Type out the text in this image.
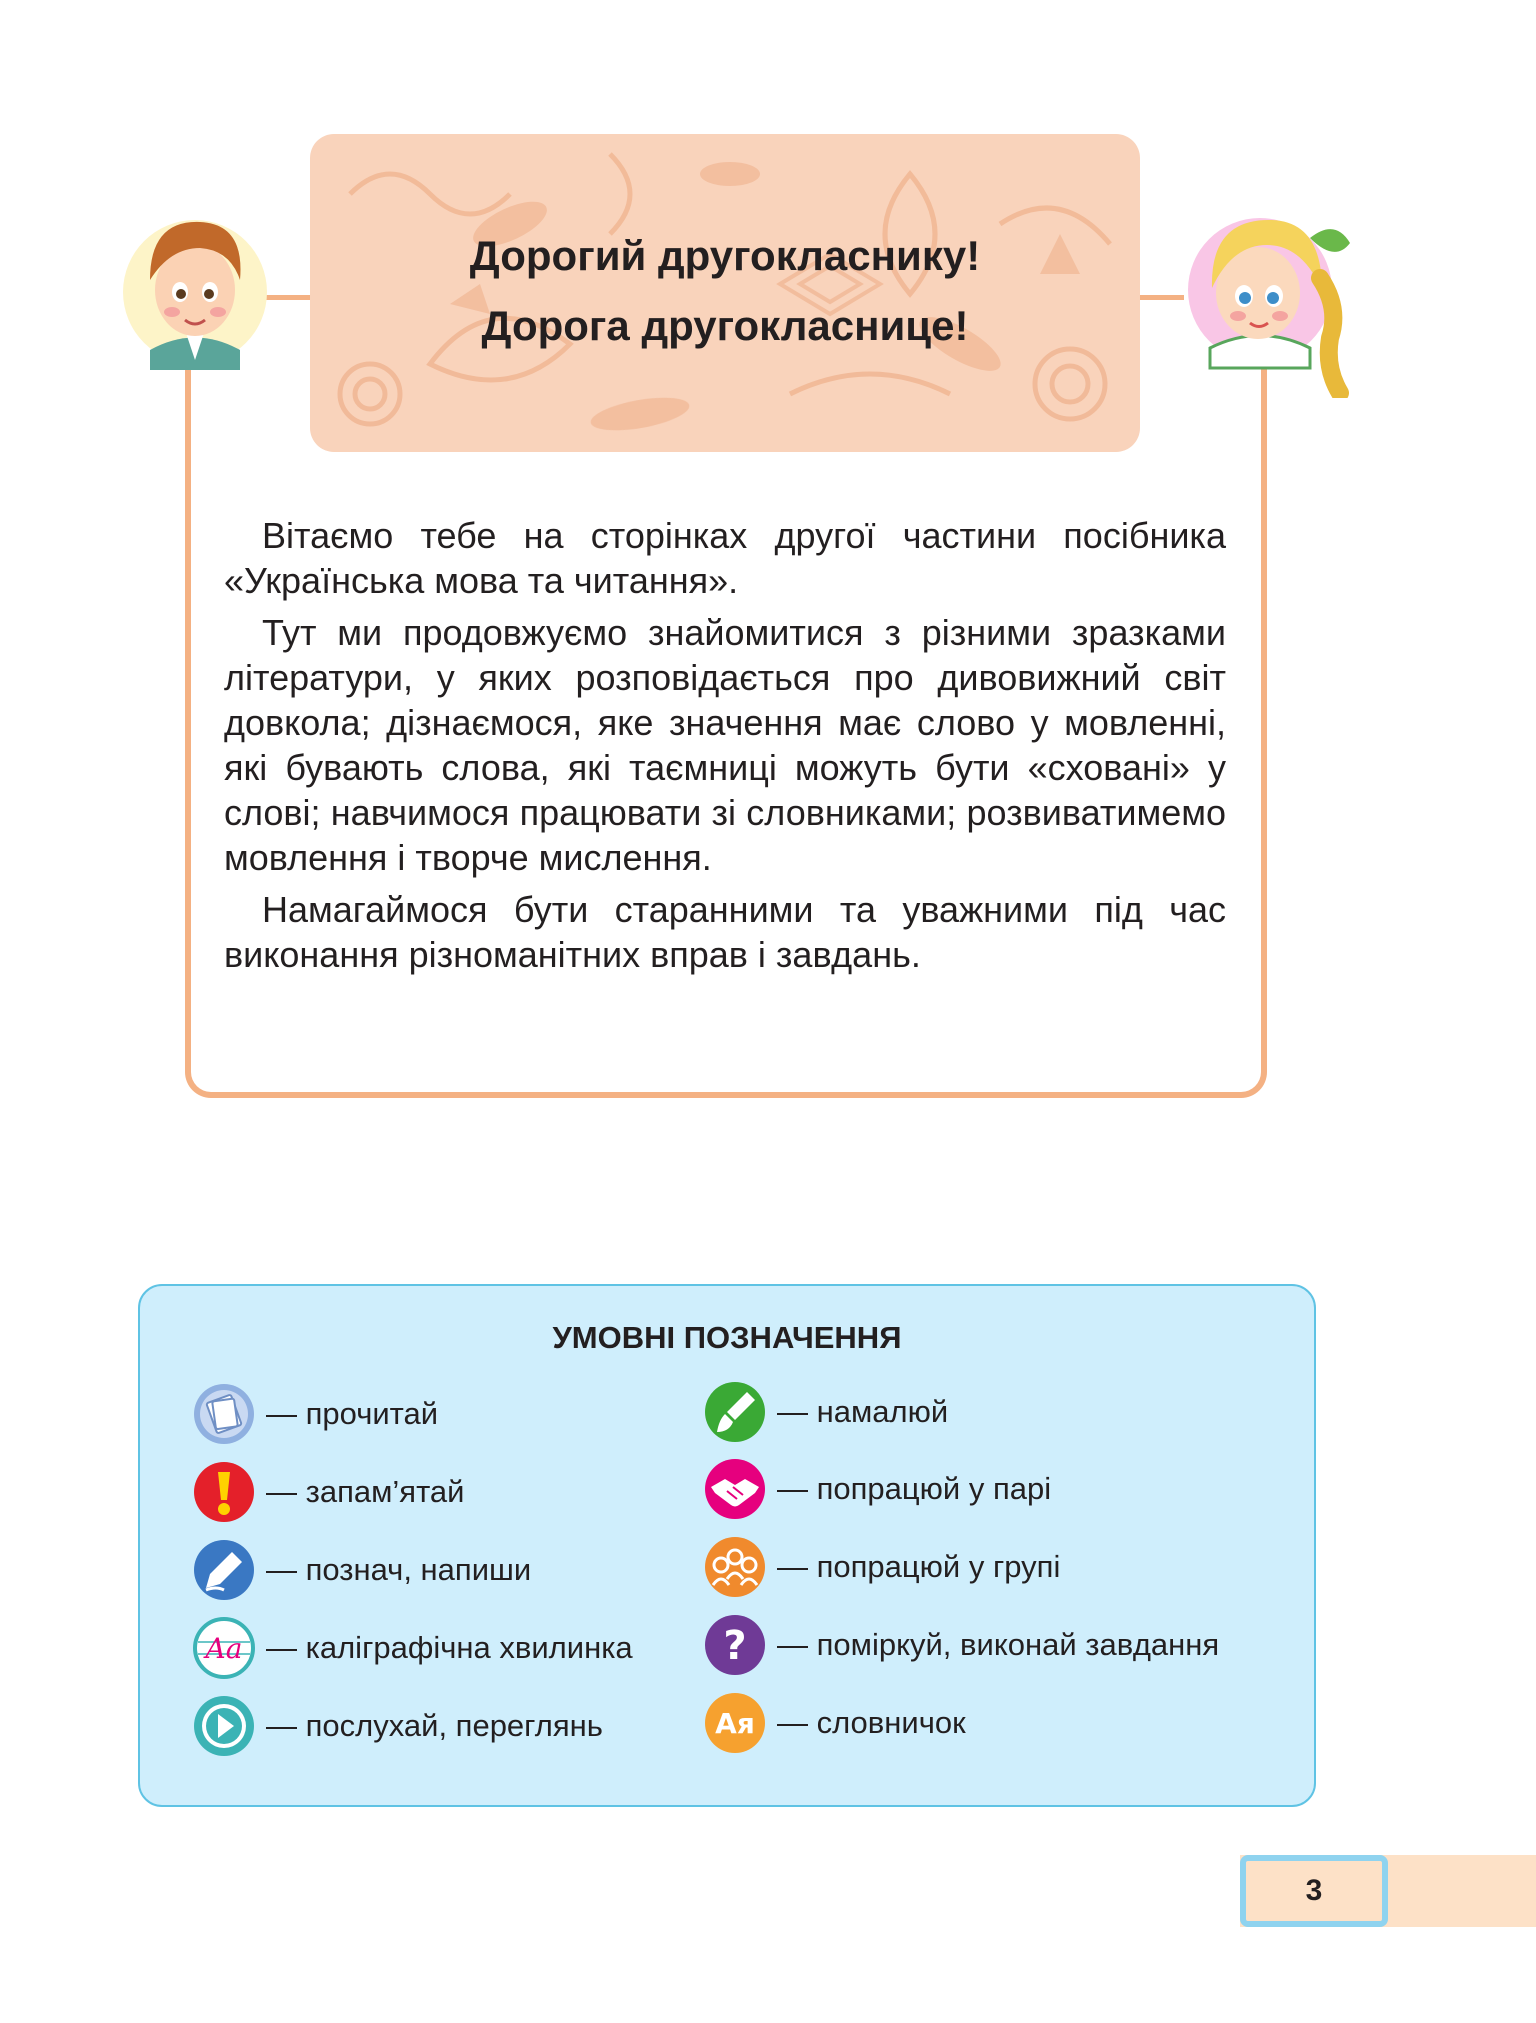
Дорогий другокласнику!
Дорога другокласнице!

Вітаємо тебе на сторінках другої частини посібника «Українська мова та читання».

Тут ми продовжуємо знайомитися з різними зразками літератури, у яких розповідається про дивовижний світ довкола; дізнаємося, яке значення має слово у мовленні, які бувають слова, які таємниці можуть бути «сховані» у слові; навчимося працювати зі словниками; розвиватимемо мовлення і творче мислення.

Намагаймося бути старанними та уважними під час виконання різноманітних вправ і завдань.

УМОВНІ ПОЗНАЧЕННЯ
— прочитай
— запам’ятай
— познач, напиши
Aa — каліграфічна хвилинка
— послухай, переглянь
— намалюй
— попрацюй у парі
— попрацюй у групі
? — поміркуй, виконай завдання
Ая — словничок
3
